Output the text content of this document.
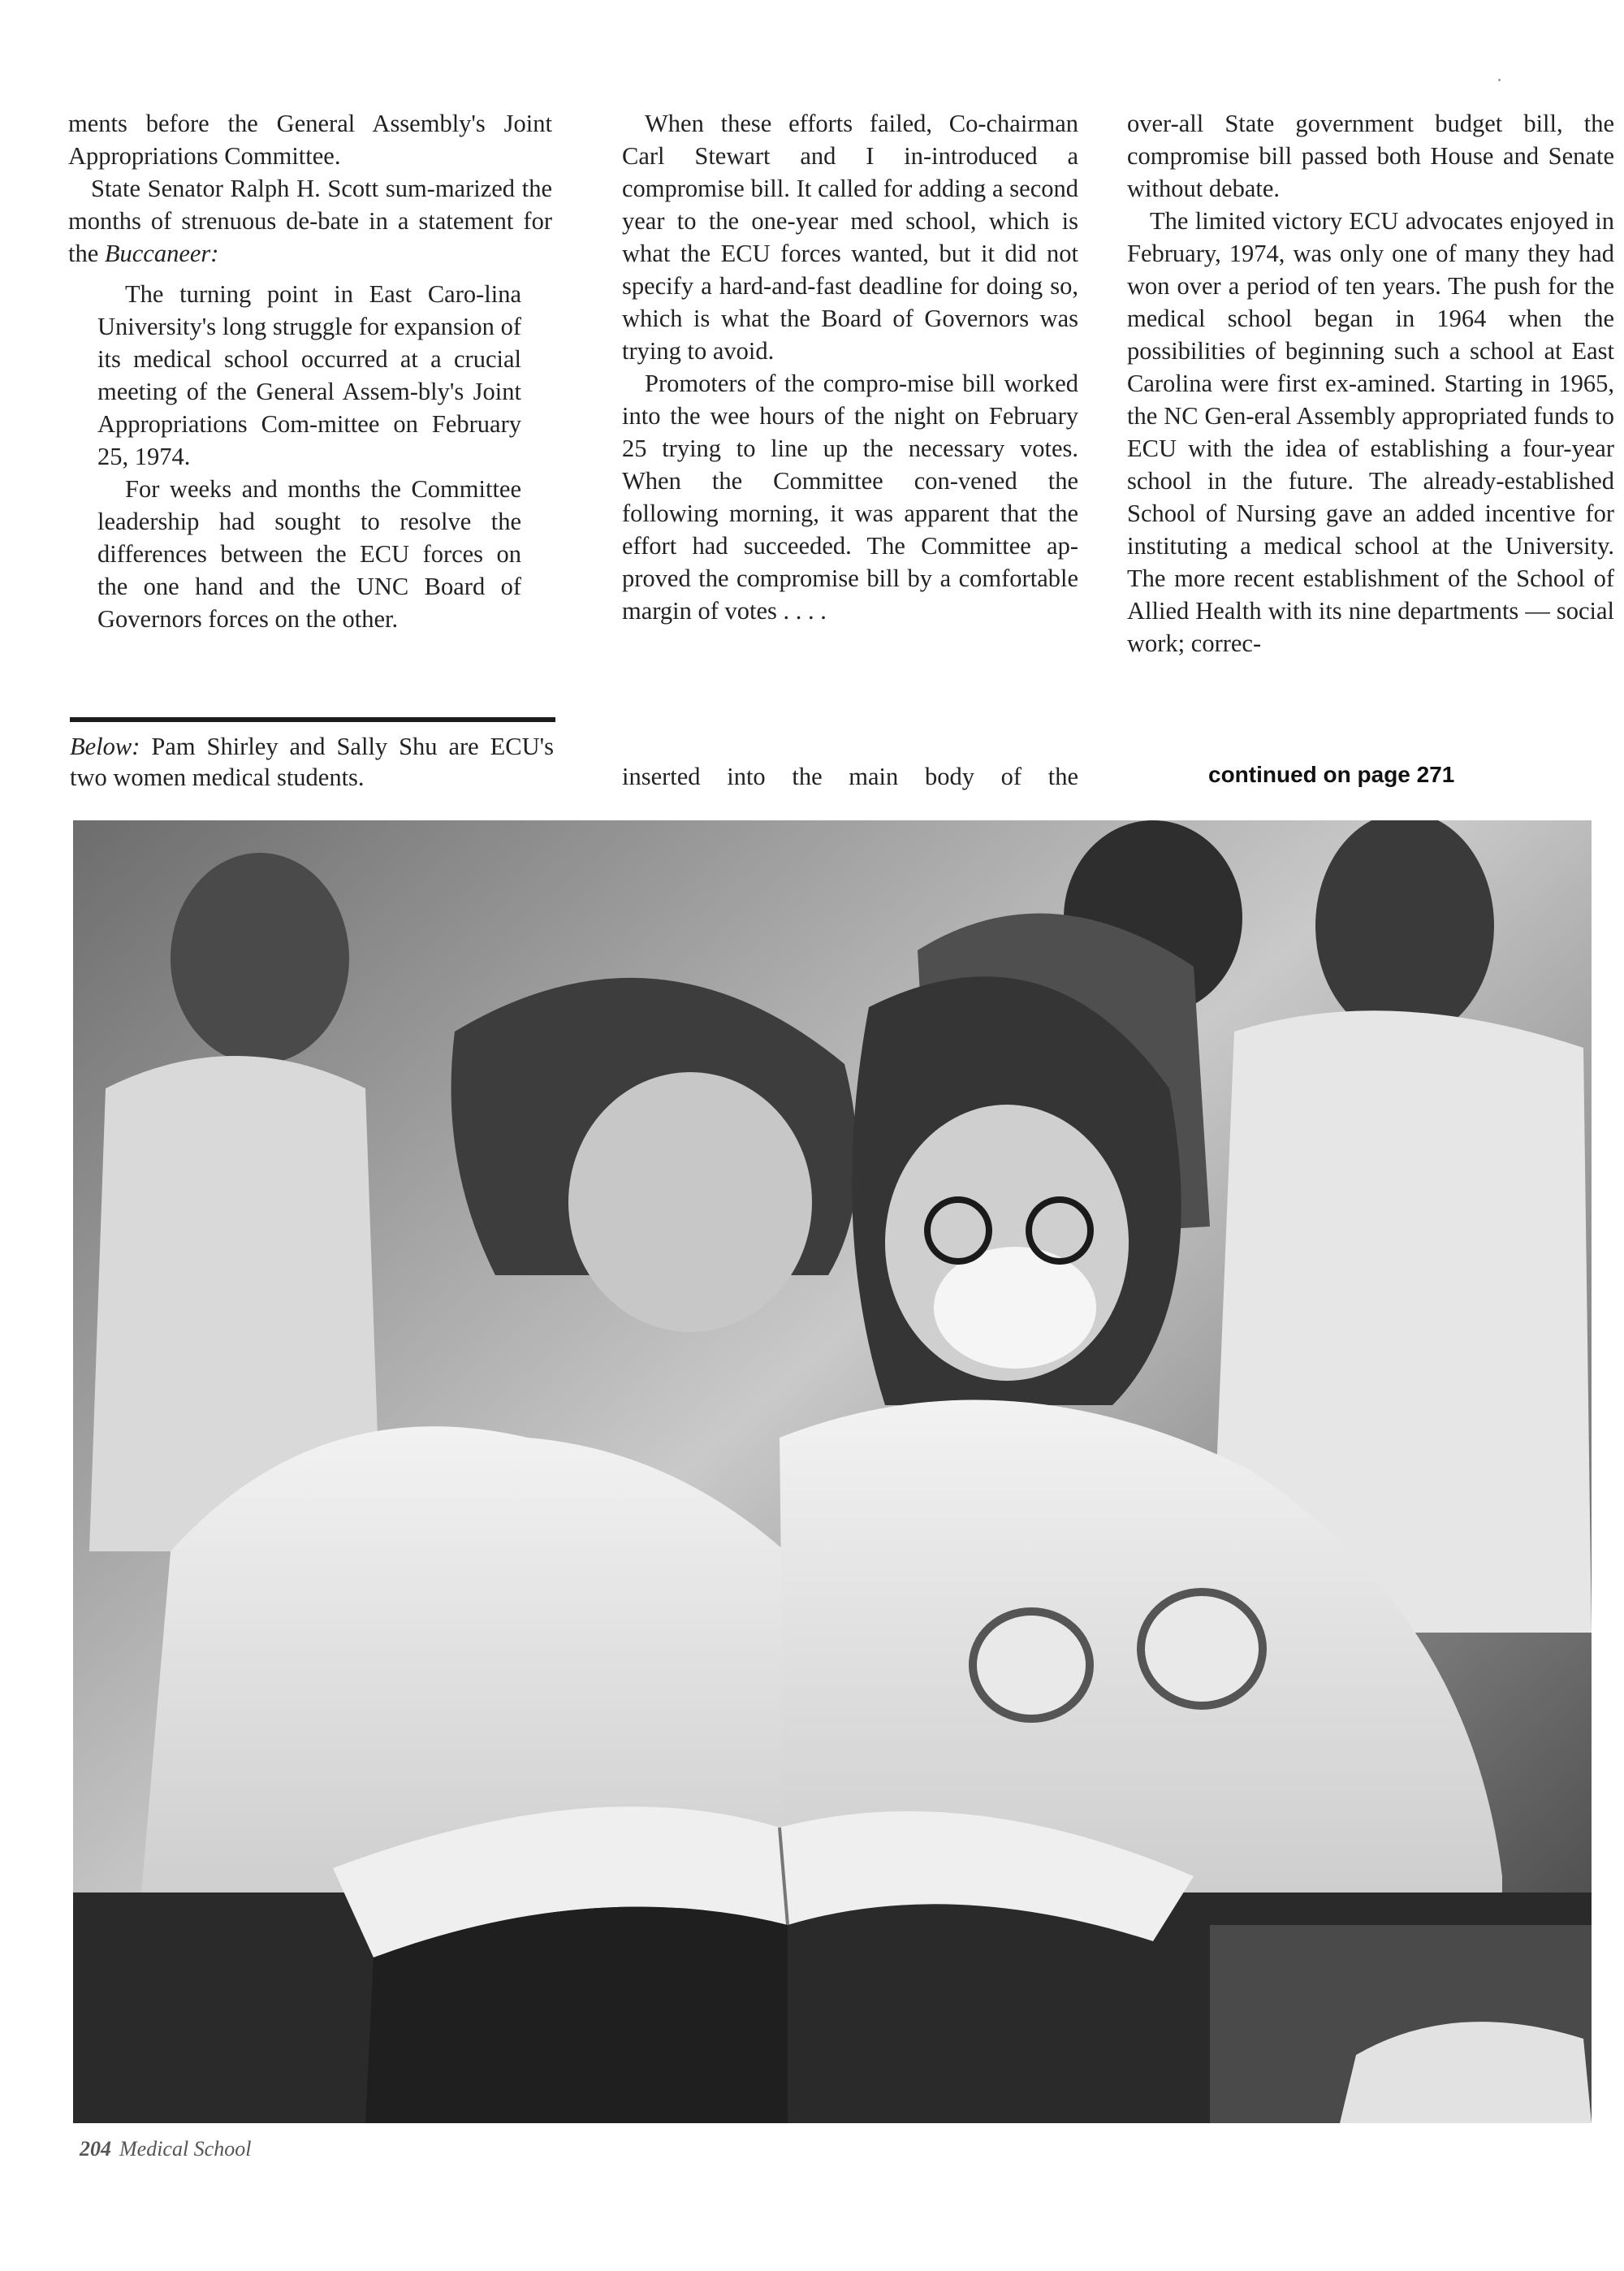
ments before the General Assembly's Joint Appropriations Committee.

State Senator Ralph H. Scott sum-marized the months of strenuous de-bate in a statement for the Buccaneer:

The turning point in East Caro-lina University's long struggle for expansion of its medical school occurred at a crucial meeting of the General Assem-bly's Joint Appropriations Com-mittee on February 25, 1974.

For weeks and months the Committee leadership had sought to resolve the differences between the ECU forces on the one hand and the UNC Board of Governors forces on the other.

Below: Pam Shirley and Sally Shu are ECU's two women medical students.

When these efforts failed, Co-chairman Carl Stewart and I in-introduced a compromise bill. It called for adding a second year to the one-year med school, which is what the ECU forces wanted, but it did not specify a hard-and-fast deadline for doing so, which is what the Board of Governors was trying to avoid.

Promoters of the compro-mise bill worked into the wee hours of the night on February 25 trying to line up the necessary votes. When the Committee con-vened the following morning, it was apparent that the effort had succeeded. The Committee ap-proved the compromise bill by a comfortable margin of votes . . . .

inserted into the main body of the

over-all State government budget bill, the compromise bill passed both House and Senate without debate.

The limited victory ECU advocates enjoyed in February, 1974, was only one of many they had won over a period of ten years. The push for the medical school began in 1964 when the possibilities of beginning such a school at East Carolina were first ex-amined. Starting in 1965, the NC Gen-eral Assembly appropriated funds to ECU with the idea of establishing a four-year school in the future. The already-established School of Nursing gave an added incentive for instituting a medical school at the University. The more recent establishment of the School of Allied Health with its nine departments — social work; correc-

continued on page 271
204 Medical School
